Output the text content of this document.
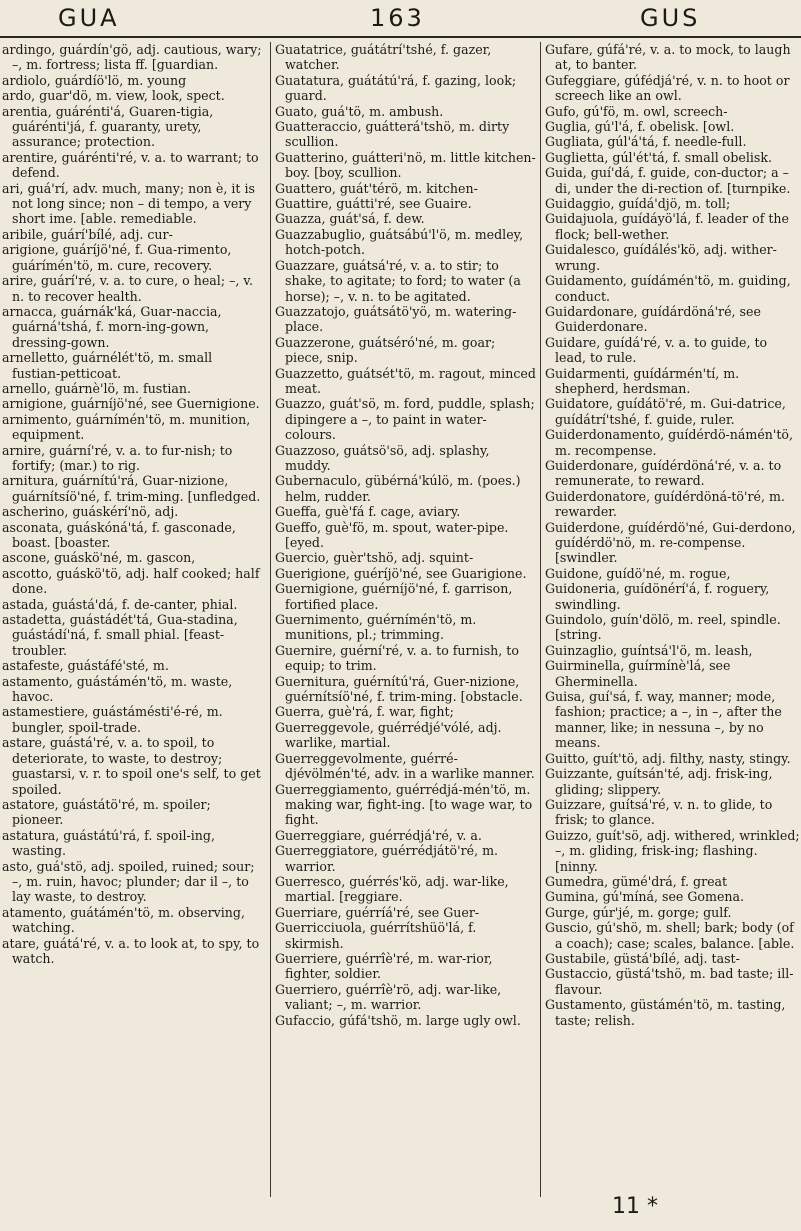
GUA	163	GUS

ardingo, guárdín'gö, adj. cautious, wary; –, m. fortress; lista ff. [guardian.

ardiolo, guárdíö'lö, m. young

ardo, guar'dö, m. view, look, spect.

arentia, guárénti'á, Guaren-tigia, guárénti'já, f. guaranty, urety, assurance; protection.

arentire, guárénti'ré, v. a. to warrant; to defend.

ari, guá'rí, adv. much, many; non è, it is not long since; non – di tempo, a very short ime. [able. remediable.

aribile, guárí'bílé, adj. cur-

arigione, guáríjö'né, f. Gua-rimento, guárímén'tö, m. cure, recovery.

arire, guárí'ré, v. a. to cure, o heal; –, v. n. to recover health.

arnacca, guárnák'ká, Guar-naccia, guárná'tshá, f. morn-ing-gown, dressing-gown.

arnelletto, guárnélét'tö, m. small fustian-petticoat.

arnello, guárnè'lö, m. fustian.

arnigione, guárníjö'né, see Guernigione.

arnimento, guárnímén'tö, m. munition, equipment.

arnire, guární'ré, v. a. to fur-nish; to fortify; (mar.) to rig.

arnitura, guárnítú'rá, Guar-nizione, guárnítsíö'né, f. trim-ming. [unfledged.

ascherino, guáskérí'nö, adj.

asconata, guáskóná'tá, f. gasconade, boast. [boaster.

ascone, guáskö'né, m. gascon,

ascotto, guáskö'tö, adj. half cooked; half done.

astada, guástá'dá, f. de-canter, phial.

astadetta, guástádét'tá, Gua-stadina, guástádí'ná, f. small phial. [feast-troubler.

astafeste, guástáfé'sté, m.

astamento, guástámén'tö, m. waste, havoc.

astamestiere, guástámésti'é-ré, m. bungler, spoil-trade.

astare, guástá'ré, v. a. to spoil, to deteriorate, to waste, to destroy; guastarsi, v. r. to spoil one's self, to get spoiled.

astatore, guástátö'ré, m. spoiler; pioneer.

astatura, guástátú'rá, f. spoil-ing, wasting.

asto, guá'stö, adj. spoiled, ruined; sour; –, m. ruin, havoc; plunder; dar il –, to lay waste, to destroy.

atamento, guátámén'tö, m. observing, watching.

atare, guátá'ré, v. a. to look at, to spy, to watch.

Guatatrice, guátátrí'tshé, f. gazer, watcher.

Guatatura, guátátú'rá, f. gazing, look; guard.

Guato, guá'tö, m. ambush.

Guatteraccio, guátterá'tshö, m. dirty scullion.

Guatterino, guátteri'nö, m. little kitchen-boy. [boy, scullion.

Guattero, guát'térö, m. kitchen-

Guattire, guátti'ré, see Guaire.

Guazza, guát'sá, f. dew.

Guazzabuglio, guátsábú'l'ö, m. medley, hotch-potch.

Guazzare, guátsá'ré, v. a. to stir; to shake, to agitate; to ford; to water (a horse); –, v. n. to be agitated.

Guazzatojo, guátsátö'yö, m. watering-place.

Guazzerone, guátséró'né, m. goar; piece, snip.

Guazzetto, guátsét'tö, m. ragout, minced meat.

Guazzo, guát'sö, m. ford, puddle, splash; dipingere a –, to paint in water-colours.

Guazzoso, guátsö'sö, adj. splashy, muddy.

Gubernaculo, gübérná'kúlö, m. (poes.) helm, rudder.

Gueffa, guè'fá f. cage, aviary.

Gueffo, guè'fö, m. spout, water-pipe. [eyed.

Guercio, guèr'tshö, adj. squint-

Guerigione, guéríjö'né, see Guarigione.

Guernigione, guérníjö'né, f. garrison, fortified place.

Guernimento, guérnímén'tö, m. munitions, pl.; trimming.

Guernire, guérní'ré, v. a. to furnish, to equip; to trim.

Guernitura, guérnítú'rá, Guer-nizione, guérnítsíö'né, f. trim-ming. [obstacle.

Guerra, guè'rá, f. war, fight;

Guerreggevole, guérrédjé'vólé, adj. warlike, martial.

Guerreggevolmente, guérré-djévölmén'té, adv. in a warlike manner.

Guerreggiamento, guérrédjá-mén'tö, m. making war, fight-ing. [to wage war, to fight.

Guerreggiare, guérrédjá'ré, v. a.

Guerreggiatore, guérrédjátö'ré, m. warrior.

Guerresco, guérrés'kö, adj. war-like, martial. [reggiare.

Guerriare, guérríá'ré, see Guer-

Guerricciuola, guérrítshüö'lá, f. skirmish.

Guerriere, guérrîè'ré, m. war-rior, fighter, soldier.

Guerriero, guérrîè'rö, adj. war-like, valiant; –, m. warrior.

Gufaccio, gúfá'tshö, m. large ugly owl.

Gufare, gúfá'ré, v. a. to mock, to laugh at, to banter.

Gufeggiare, gúfédjá'ré, v. n. to hoot or screech like an owl.

Gufo, gú'fö, m. owl, screech-

Guglia, gú'l'á, f. obelisk. [owl.

Gugliata, gúl'á'tá, f. needle-full.

Guglietta, gúl'ét'tá, f. small obelisk.

Guida, guí'dá, f. guide, con-ductor; a – di, under the di-rection of. [turnpike.

Guidaggio, guídá'djö, m. toll;

Guidajuola, guídáyö'lá, f. leader of the flock; bell-wether.

Guidalesco, guídálés'kö, adj. wither-wrung.

Guidamento, guídámén'tö, m. guiding, conduct.

Guidardonare, guídárdöná'ré, see Guiderdonare.

Guidare, guídá'ré, v. a. to guide, to lead, to rule.

Guidarmenti, guídármén'tí, m. shepherd, herdsman.

Guidatore, guídátö'ré, m. Gui-datrice, guídátrí'tshé, f. guide, ruler.

Guiderdonamento, guídérdö-námén'tö, m. recompense.

Guiderdonare, guídérdöná'ré, v. a. to remunerate, to reward.

Guiderdonatore, guídérdöná-tö'ré, m. rewarder.

Guiderdone, guídérdö'né, Gui-derdono, guídérdö'nö, m. re-compense. [swindler.

Guidone, guídö'né, m. rogue,

Guidoneria, guídönérí'á, f. roguery, swindling.

Guindolo, guín'dölö, m. reel, spindle. [string.

Guinzaglio, guíntsá'l'ö, m. leash,

Guirminella, guírmínè'lá, see Gherminella.

Guisa, guí'sá, f. way, manner; mode, fashion; practice; a –, in –, after the manner, like; in nessuna –, by no means.

Guitto, guít'tö, adj. filthy, nasty, stingy.

Guizzante, guítsán'té, adj. frisk-ing, gliding; slippery.

Guizzare, guítsá'ré, v. n. to glide, to frisk; to glance.

Guizzo, guít'sö, adj. withered, wrinkled; –, m. gliding, frisk-ing; flashing. [ninny.

Gumedra, gümé'drá, f. great

Gumina, gú'míná, see Gomena.

Gurge, gúr'jé, m. gorge; gulf.

Guscio, gú'shö, m. shell; bark; body (of a coach); case; scales, balance. [able.

Gustabile, güstá'bílé, adj. tast-

Gustaccio, güstá'tshö, m. bad taste; ill-flavour.

Gustamento, güstámén'tö, m. tasting, taste; relish.

11 *
